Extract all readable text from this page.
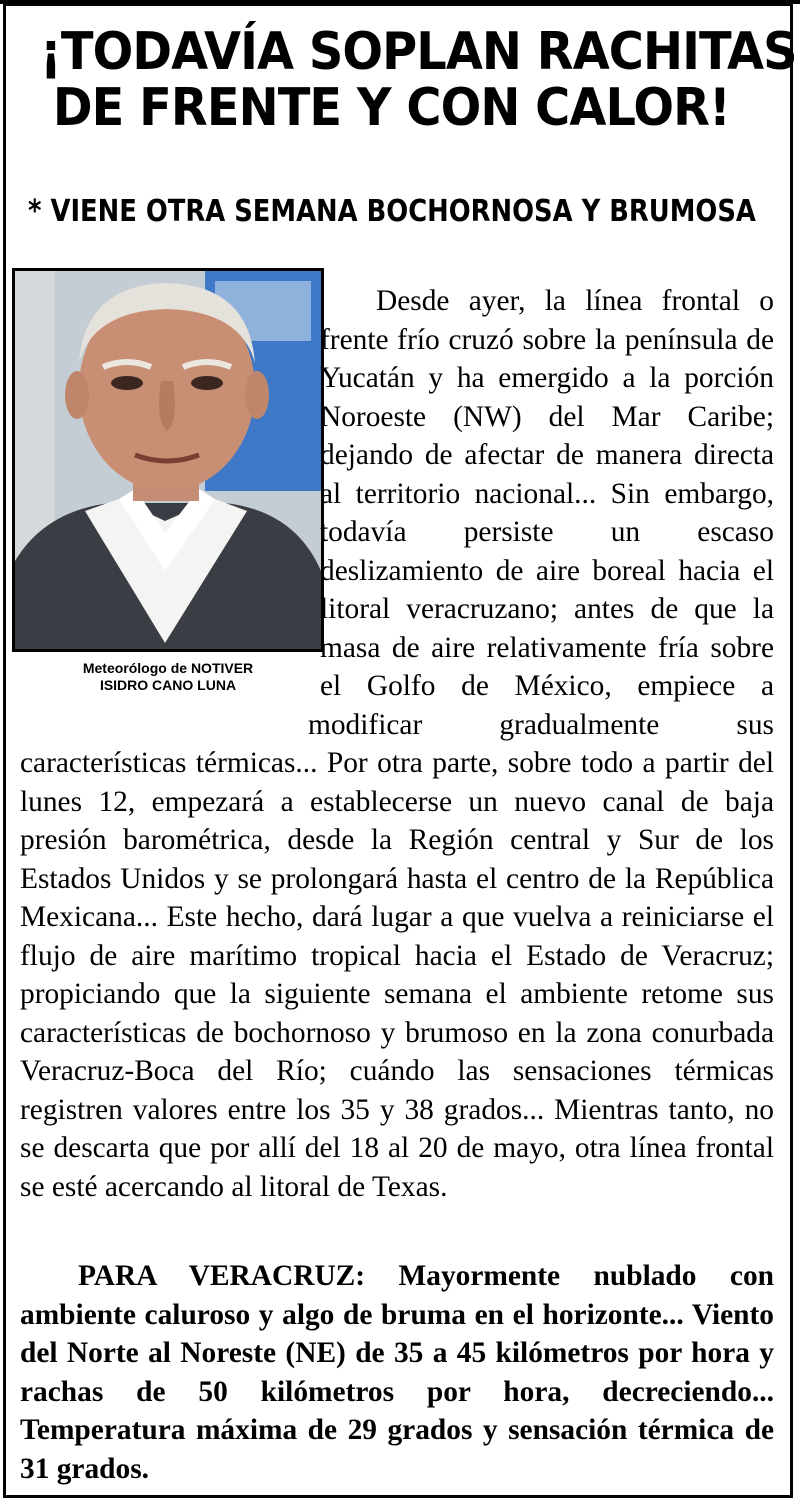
¡TODAVÍA SOPLAN RACHITAS
DE FRENTE Y CON CALOR!
* VIENE OTRA SEMANA BOCHORNOSA Y BRUMOSA
Meteorólogo de NOTIVER
ISIDRO CANO LUNA
Desde ayer, la línea frontal o frente frío cruzó sobre la península de Yucatán y ha emergido a la porción Noroeste (NW) del Mar Caribe; dejando de afectar de manera directa al territorio nacional... Sin embargo, todavía persiste un escaso deslizamiento de aire boreal hacia el litoral veracruzano; antes de que la masa de aire relativamente fría sobre el Golfo de México, empiece a modificar gradualmente sus características térmicas... Por otra parte, sobre todo a partir del lunes 12, empezará a establecerse un nuevo canal de baja presión barométrica, desde la Región central y Sur de los Estados Unidos y se prolongará hasta el centro de la República Mexicana... Este hecho, dará lugar a que vuelva a reiniciarse el flujo de aire marítimo tropical hacia el Estado de Veracruz; propiciando que la siguiente semana el ambiente retome sus características de bochornoso y brumoso en la zona conurbada Veracruz-Boca del Río; cuándo las sensaciones térmicas registren valores entre los 35 y 38 grados... Mientras tanto, no se descarta que por allí del 18 al 20 de mayo, otra línea frontal se esté acercando al litoral de Texas.
PARA VERACRUZ: Mayormente nublado con ambiente caluroso y algo de bruma en el horizonte... Viento del Norte al Noreste (NE) de 35 a 45 kilómetros por hora y rachas de 50 kilómetros por hora, decreciendo... Temperatura máxima de 29 grados y sensación térmica de 31 grados.
